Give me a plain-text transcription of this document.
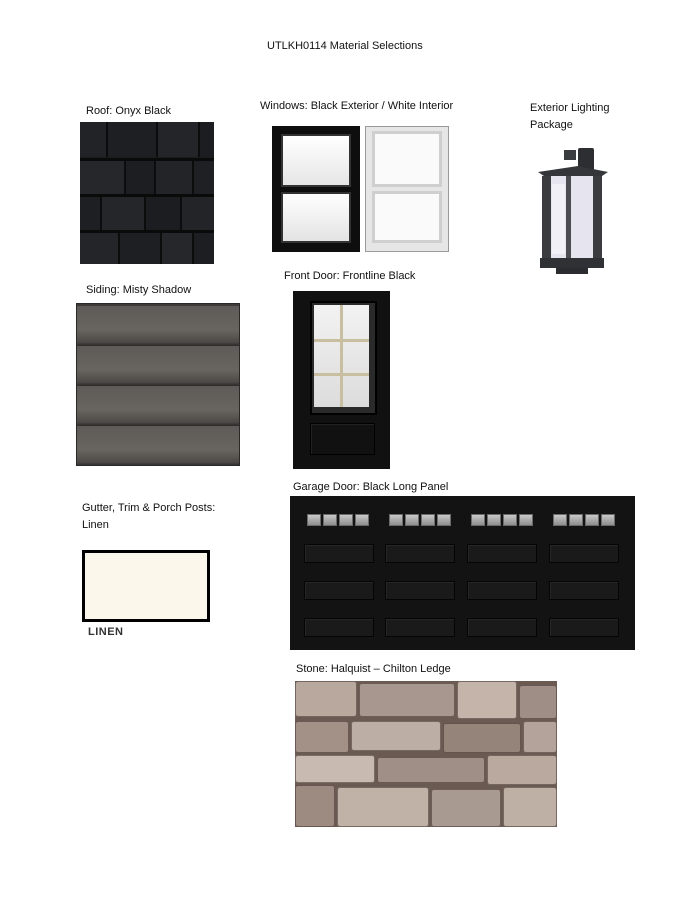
UTLKH0114 Material Selections
Roof: Onyx Black	Windows: Black Exterior / White Interior	Exterior Lighting Package
Siding: Misty Shadow
Front Door: Frontline Black
Gutter, Trim & Porch Posts: Linen
LINEN
Garage Door: Black Long Panel
Stone: Halquist – Chilton Ledge
